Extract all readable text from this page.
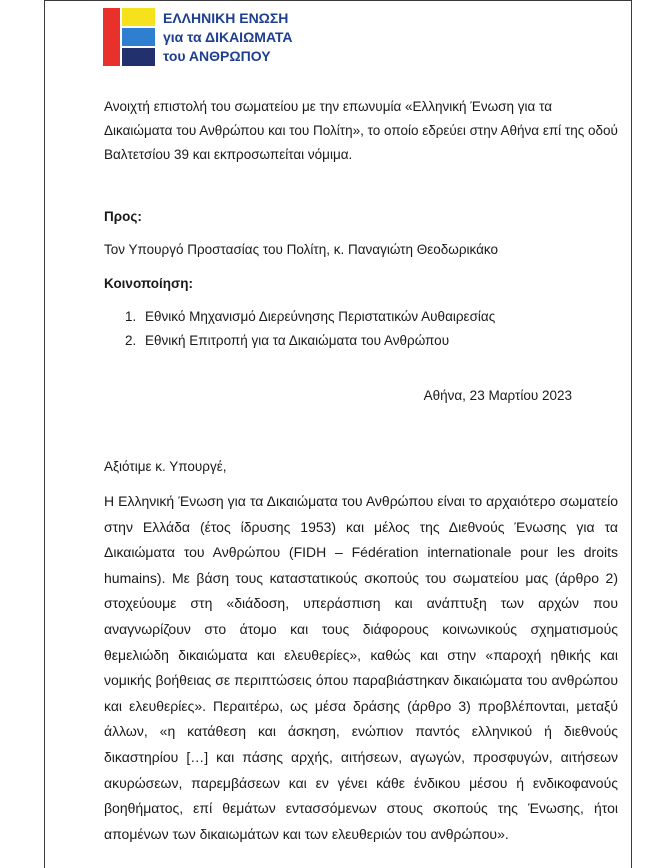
ΕΛΛΗΝΙΚΗ ΕΝΩΣΗ
για τα ΔΙΚΑΙΩΜΑΤΑ
του ΑΝΘΡΩΠΟΥ
Ανοιχτή επιστολή του σωματείου με την επωνυμία «Ελληνική Ένωση για τα Δικαιώματα του Ανθρώπου και του Πολίτη», το οποίο εδρεύει στην Αθήνα επί της οδού Βαλτετσίου 39 και εκπροσωπείται νόμιμα.
Προς:
Τον Υπουργό Προστασίας του Πολίτη, κ. Παναγιώτη Θεοδωρικάκο
Κοινοποίηση:
1. Εθνικό Μηχανισμό Διερεύνησης Περιστατικών Αυθαιρεσίας
2. Εθνική Επιτροπή για τα Δικαιώματα του Ανθρώπου
Αθήνα, 23 Μαρτίου 2023
Αξιότιμε κ. Υπουργέ,
Η Ελληνική Ένωση για τα Δικαιώματα του Ανθρώπου είναι το αρχαιότερο σωματείο στην Ελλάδα (έτος ίδρυσης 1953) και μέλος της Διεθνούς Ένωσης για τα Δικαιώματα του Ανθρώπου (FIDH – Fédération internationale pour les droits humains). Με βάση τους καταστατικούς σκοπούς του σωματείου μας (άρθρο 2) στοχεύουμε στη «διάδοση, υπεράσπιση και ανάπτυξη των αρχών που αναγνωρίζουν στο άτομο και τους διάφορους κοινωνικούς σχηματισμούς θεμελιώδη δικαιώματα και ελευθερίες», καθώς και στην «παροχή ηθικής και νομικής βοήθειας σε περιπτώσεις όπου παραβιάστηκαν δικαιώματα του ανθρώπου και ελευθερίες». Περαιτέρω, ως μέσα δράσης (άρθρο 3) προβλέπονται, μεταξύ άλλων, «η κατάθεση και άσκηση, ενώπιον παντός ελληνικού ή διεθνούς δικαστηρίου […] και πάσης αρχής, αιτήσεων, αγωγών, προσφυγών, αιτήσεων ακυρώσεων, παρεμβάσεων και εν γένει κάθε ένδικου μέσου ή ενδικοφανούς βοηθήματος, επί θεμάτων εντασσόμενων στους σκοπούς της Ένωσης, ήτοι απομένων των δικαιωμάτων και των ελευθεριών του ανθρώπου».
